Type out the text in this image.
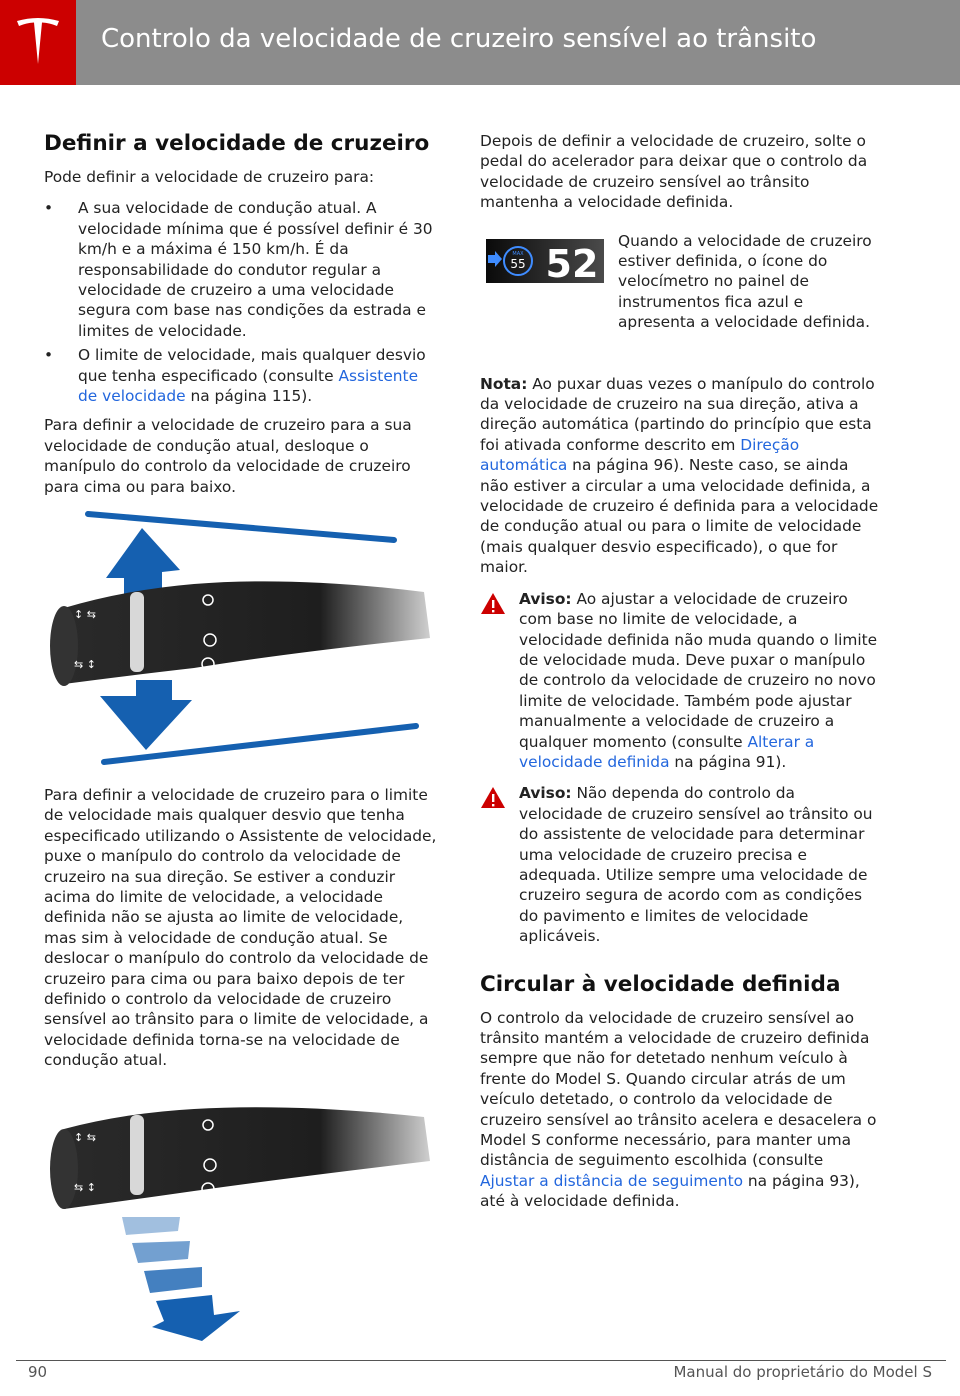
Controlo da velocidade de cruzeiro sensível ao trânsito
Definir a velocidade de cruzeiro

Pode definir a velocidade de cruzeiro para:

• A sua velocidade de condução atual. A velocidade mínima que é possível definir é 30 km/h e a máxima é 150 km/h. É da responsabilidade do condutor regular a velocidade de cruzeiro a uma velocidade segura com base nas condições da estrada e limites de velocidade.
• O limite de velocidade, mais qualquer desvio que tenha especificado (consulte Assistente de velocidade na página 115).

Para definir a velocidade de cruzeiro para a sua velocidade de condução atual, desloque o manípulo do controlo da velocidade de cruzeiro para cima ou para baixo.

↕ ⇆
⇆ ↕

Para definir a velocidade de cruzeiro para o limite de velocidade mais qualquer desvio que tenha especificado utilizando o Assistente de velocidade, puxe o manípulo do controlo da velocidade de cruzeiro na sua direção. Se estiver a conduzir acima do limite de velocidade, a velocidade definida não se ajusta ao limite de velocidade, mas sim à velocidade de condução atual. Se deslocar o manípulo do controlo da velocidade de cruzeiro para cima ou para baixo depois de ter definido o controlo da velocidade de cruzeiro sensível ao trânsito para o limite de velocidade, a velocidade definida torna-se na velocidade de condução atual.

↕ ⇆
⇆ ↕

Depois de definir a velocidade de cruzeiro, solte o pedal do acelerador para deixar que o controlo da velocidade de cruzeiro sensível ao trânsito mantenha a velocidade definida.

MAX
55 52

Quando a velocidade de cruzeiro estiver definida, o ícone do velocímetro no painel de instrumentos fica azul e apresenta a velocidade definida.

Nota: Ao puxar duas vezes o manípulo do controlo da velocidade de cruzeiro na sua direção, ativa a direção automática (partindo do princípio que esta foi ativada conforme descrito em Direção automática na página 96). Neste caso, se ainda não estiver a circular a uma velocidade definida, a velocidade de cruzeiro é definida para a velocidade de condução atual ou para o limite de velocidade (mais qualquer desvio especificado), o que for maior.

Aviso: Ao ajustar a velocidade de cruzeiro com base no limite de velocidade, a velocidade definida não muda quando o limite de velocidade muda. Deve puxar o manípulo de controlo da velocidade de cruzeiro no novo limite de velocidade. Também pode ajustar manualmente a velocidade de cruzeiro a qualquer momento (consulte Alterar a velocidade definida na página 91).

Aviso: Não dependa do controlo da velocidade de cruzeiro sensível ao trânsito ou do assistente de velocidade para determinar uma velocidade de cruzeiro precisa e adequada. Utilize sempre uma velocidade de cruzeiro segura de acordo com as condições do pavimento e limites de velocidade aplicáveis.

Circular à velocidade definida

O controlo da velocidade de cruzeiro sensível ao trânsito mantém a velocidade de cruzeiro definida sempre que não for detetado nenhum veículo à frente do Model S. Quando circular atrás de um veículo detetado, o controlo da velocidade de cruzeiro sensível ao trânsito acelera e desacelera o Model S conforme necessário, para manter uma distância de seguimento escolhida (consulte Ajustar a distância de seguimento na página 93), até à velocidade definida.

90	Manual do proprietário do Model S
